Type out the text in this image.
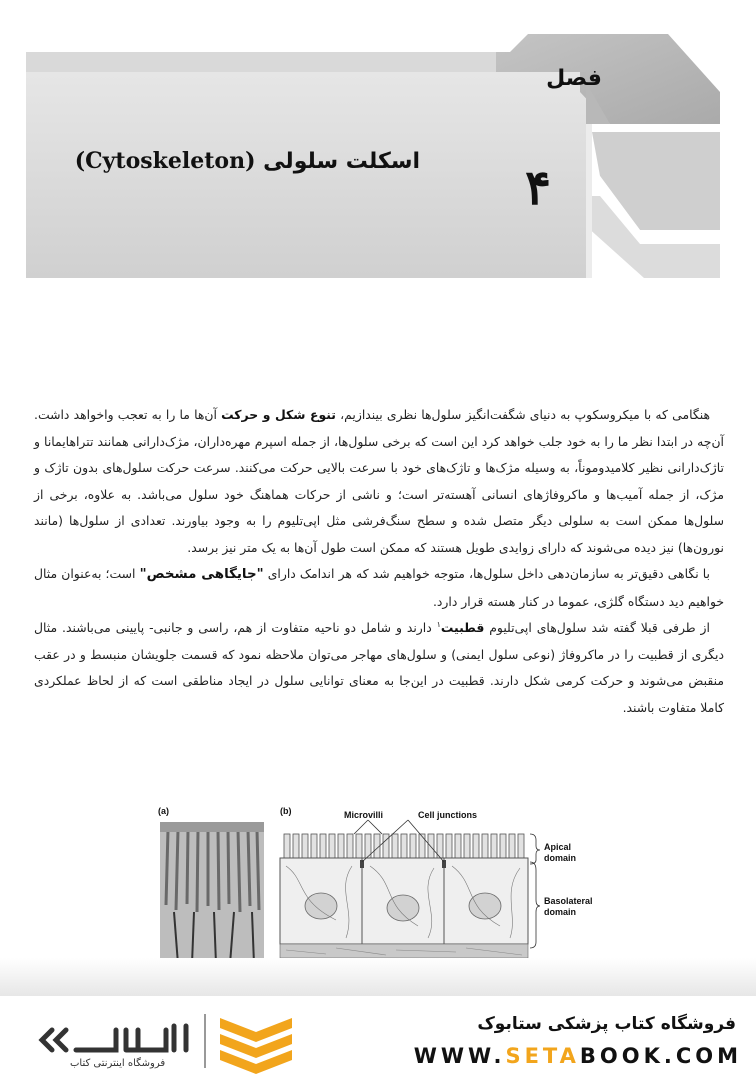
فصل
۴
اسکلت سلولی (Cytoskeleton)

هنگامی که با میکروسکوپ به دنیای شگفت‌انگیز سلول‌ها نظری بیندازیم، تنوع شکل و حرکت آن‌ها ما را به تعجب واخواهد داشت. آن‌چه در ابتدا نظر ما را به خود جلب خواهد کرد این است که برخی سلول‌ها، از جمله اسپرم مهره‌داران، مژک‌دارانی همانند تتراهایمانا و تاژک‌دارانی نظیر کلامیدوموناً، به وسیله مژک‌ها و تاژک‌های خود با سرعت بالایی حرکت می‌کنند. سرعت حرکت سلول‌های بدون تاژک و مژک، از جمله آمیب‌ها و ماکروفاژهای انسانی آهسته‌تر است؛ و ناشی از حرکات هماهنگ خود سلول می‌باشد. به علاوه، برخی از سلول‌ها ممکن است به سلولی دیگر متصل شده و سطح سنگ‌فرشی مثل اپی‌تلیوم را به وجود بیاورند. تعدادی از سلول‌ها (مانند نورون‌ها) نیز دیده می‌شوند که دارای زوایدی طویل هستند که ممکن است طول آن‌ها به یک متر نیز برسد.

با نگاهی دقیق‌تر به سازمان‌دهی داخل سلول‌ها، متوجه خواهیم شد که هر اندامک دارای "جایگاهی مشخص" است؛ به‌عنوان مثال خواهیم دید دستگاه گلژی، عموما در کنار هسته قرار دارد.

از طرفی قبلا گفته شد سلول‌های اپی‌تلیوم قطبیت$^۱$ دارند و شامل دو ناحیه متفاوت از هم، راسی و جانبی- پایینی می‌باشند. مثال دیگری از قطبیت را در ماکروفاژ (نوعی سلول ایمنی) و سلول‌های مهاجر می‌توان ملاحظه نمود که قسمت جلویشان منبسط و در عقب منقبض می‌شوند و حرکت کرمی شکل دارند. قطبیت در این‌جا به معنای توانایی سلول در ایجاد مناطقی است که از لحاظ عملکردی کاملا متفاوت باشند.

(a)	(b)	Microvilli	Cell junctions
Apical
domain
Basolateral
domain
فروشگاه کتاب پزشکی ستابوک
WWW.SETABOOK.COM
فروشگاه اینترنتی کتاب
